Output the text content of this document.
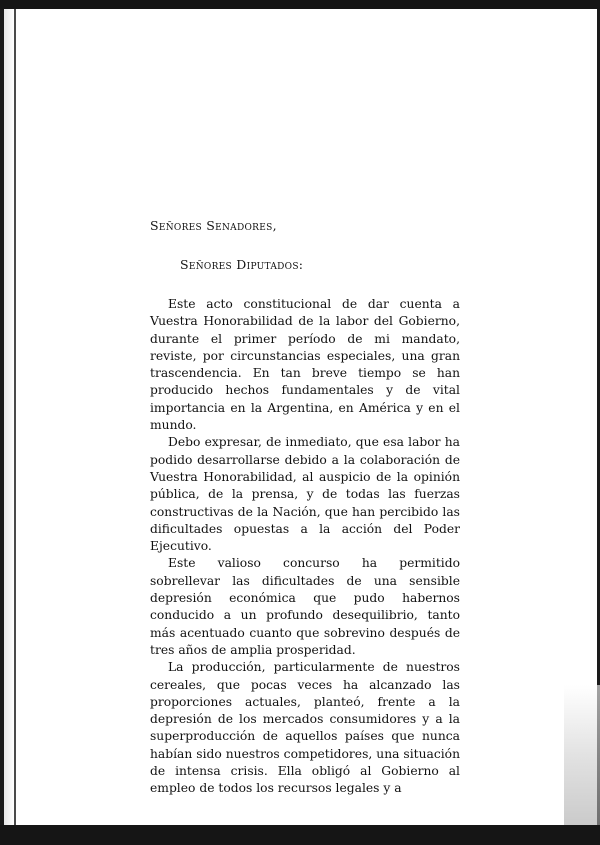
Señores Senadores,

Señores Diputados:

Este acto constitucional de dar cuenta a Vuestra Honorabilidad de la labor del Gobierno, durante el primer período de mi mandato, reviste, por circunstancias especiales, una gran trascendencia. En tan breve tiempo se han producido hechos fundamentales y de vital importancia en la Argentina, en América y en el mundo.

Debo expresar, de inmediato, que esa labor ha podido desarrollarse debido a la colaboración de Vuestra Honorabilidad, al auspicio de la opinión pública, de la prensa, y de todas las fuerzas constructivas de la Nación, que han percibido las dificultades opuestas a la acción del Poder Ejecutivo.

Este valioso concurso ha permitido sobrellevar las dificultades de una sensible depresión económica que pudo habernos conducido a un profundo desequilibrio, tanto más acentuado cuanto que sobrevino después de tres años de amplia prosperidad.

La producción, particularmente de nuestros cereales, que pocas veces ha alcanzado las proporciones actuales, planteó, frente a la depresión de los mercados consumidores y a la superproducción de aquellos países que nunca habían sido nuestros competidores, una situación de intensa crisis. Ella obligó al Gobierno al empleo de todos los recursos legales y a
